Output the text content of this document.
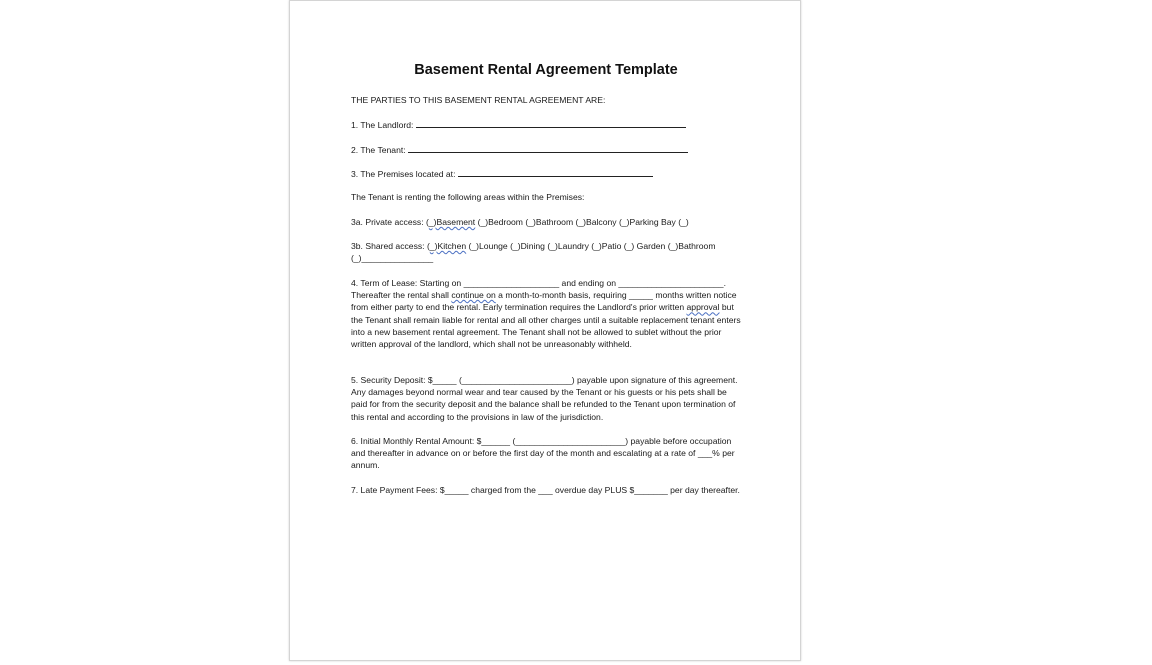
Basement Rental Agreement Template

THE PARTIES TO THIS BASEMENT RENTAL AGREEMENT ARE:

1. The Landlord:

2. The Tenant:

3. The Premises located at:

The Tenant is renting the following areas within the Premises:

3a. Private access: (_)Basement (_)Bedroom (_)Bathroom (_)Balcony (_)Parking Bay (_)

3b. Shared access: (_)Kitchen (_)Lounge (_)Dining (_)Laundry (_)Patio (_) Garden (_)Bathroom
(_)_______________

4. Term of Lease: Starting on ____________________ and ending on ______________________. Thereafter the rental shall continue on a month-to-month basis, requiring _____ months written notice from either party to end the rental. Early termination requires the Landlord's prior written approval but the Tenant shall remain liable for rental and all other charges until a suitable replacement tenant enters into a new basement rental agreement. The Tenant shall not be allowed to sublet without the prior written approval of the landlord, which shall not be unreasonably withheld.

5. Security Deposit: $_____ (_______________________) payable upon signature of this agreement. Any damages beyond normal wear and tear caused by the Tenant or his guests or his pets shall be paid for from the security deposit and the balance shall be refunded to the Tenant upon termination of this rental and according to the provisions in law of the jurisdiction.

6. Initial Monthly Rental Amount: $______ (_______________________) payable before occupation and thereafter in advance on or before the first day of the month and escalating at a rate of ___% per annum.

7. Late Payment Fees: $_____ charged from the ___ overdue day PLUS $_______ per day thereafter.
